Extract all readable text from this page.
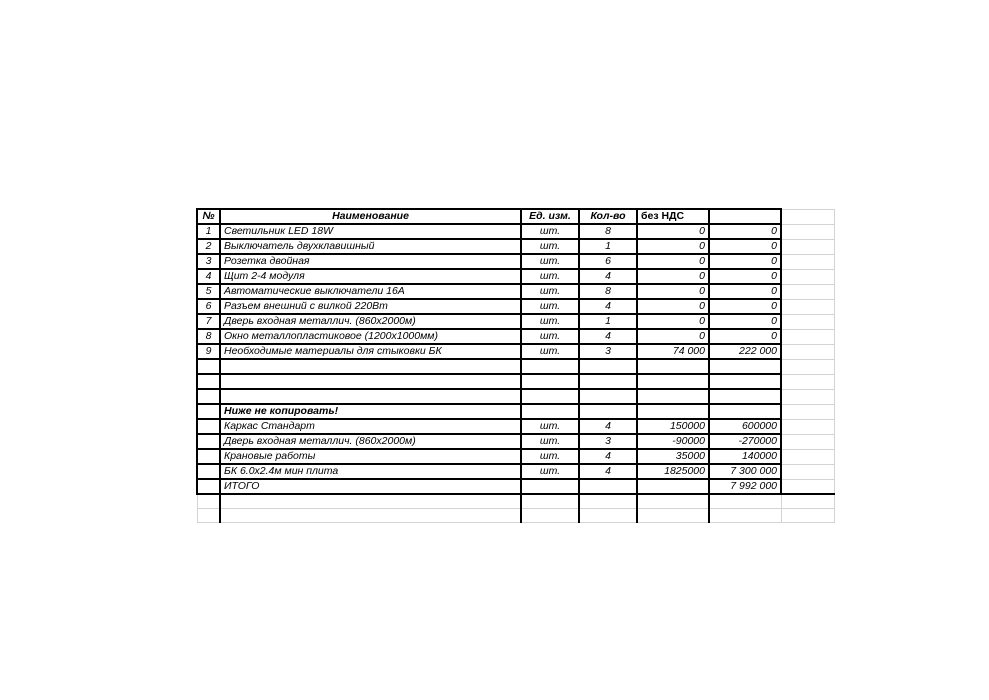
№	Наименование	Ед. изм.	Кол-во	без НДС		
1	Светильник LED 18W	шт.	8	0	0	
2	Выключатель двухклавишный	шт.	1	0	0	
3	Розетка двойная	шт.	6	0	0	
4	Щит 2-4 модуля	шт.	4	0	0	
5	Автоматические выключатели 16А	шт.	8	0	0	
6	Разъем внешний с вилкой 220Вт	шт.	4	0	0	
7	Дверь входная металлич. (860х2000м)	шт.	1	0	0	
8	Окно металлопластиковое (1200х1000мм)	шт.	4	0	0	
9	Необходимые материалы для стыковки БК	шт.	3	74 000	222 000	

	Ниже не копировать!					
	Каркас Стандарт	шт.	4	150000	600000	
	Дверь входная металлич. (860х2000м)	шт.	3	-90000	-270000	
	Крановые работы	шт.	4	35000	140000	
	БК 6.0х2.4м мин плита	шт.	4	1825000	7 300 000	
	ИТОГО				7 992 000	
